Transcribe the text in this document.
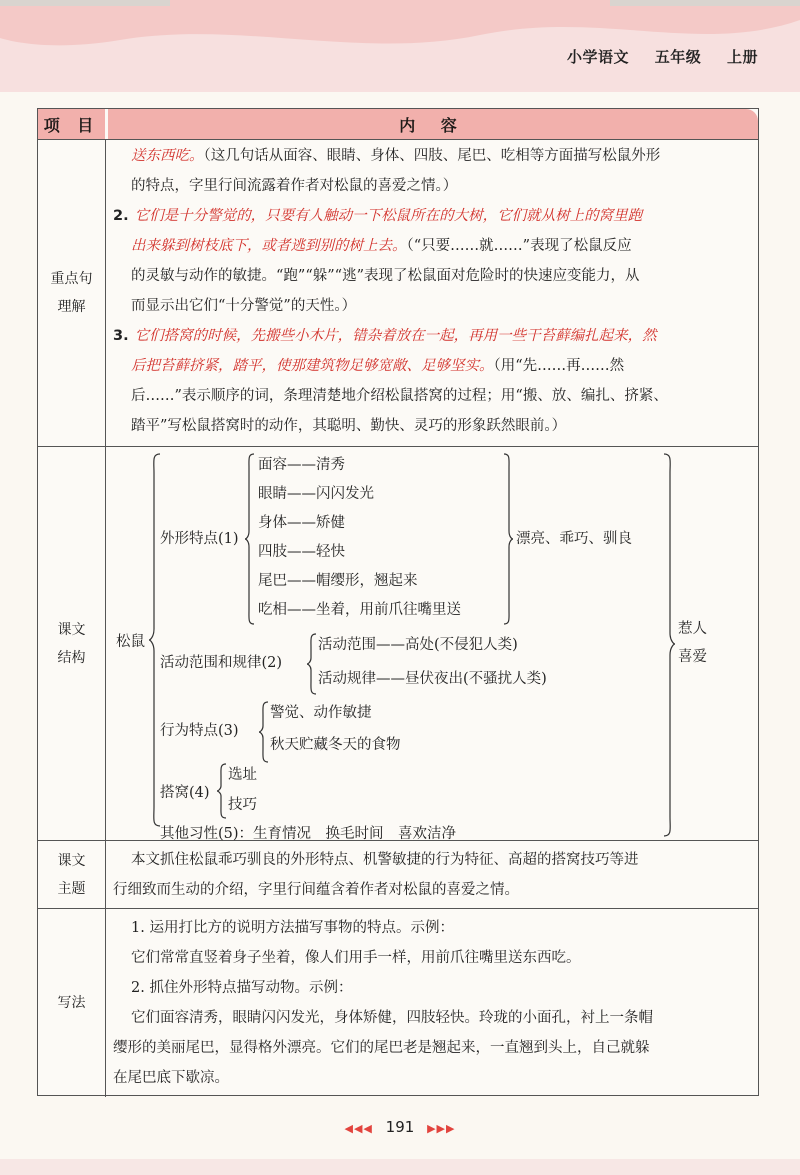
小学语文 五年级 上册
项 目	内 容
重点句
理解
送东西吃。（这几句话从面容、眼睛、身体、四肢、尾巴、吃相等方面描写松鼠外形
的特点，字里行间流露着作者对松鼠的喜爱之情。）
2. 它们是十分警觉的，只要有人触动一下松鼠所在的大树，它们就从树上的窝里跑
出来躲到树枝底下，或者逃到别的树上去。（“只要……就……”表现了松鼠反应
的灵敏与动作的敏捷。“跑”“躲”“逃”表现了松鼠面对危险时的快速应变能力，从
而显示出它们“十分警觉”的天性。）
3. 它们搭窝的时候，先搬些小木片，错杂着放在一起，再用一些干苔藓编扎起来，然
后把苔藓挤紧，踏平，使那建筑物足够宽敞、足够坚实。（用“先……再……然
后……”表示顺序的词，条理清楚地介绍松鼠搭窝的过程；用“搬、放、编扎、挤紧、
踏平”写松鼠搭窝时的动作，其聪明、勤快、灵巧的形象跃然眼前。）
课文
结构
松鼠
外形特点(1)
面容——清秀
眼睛——闪闪发光
身体——矫健
四肢——轻快
尾巴——帽缨形，翘起来
吃相——坐着，用前爪往嘴里送
漂亮、乖巧、驯良
活动范围和规律(2)
活动范围——高处(不侵犯人类)
活动规律——昼伏夜出(不骚扰人类)
行为特点(3)
警觉、动作敏捷
秋天贮藏冬天的食物
搭窝(4)
选址
技巧
其他习性(5)：生育情况　换毛时间　喜欢洁净
惹人
喜爱
课文
主题
本文抓住松鼠乖巧驯良的外形特点、机警敏捷的行为特征、高超的搭窝技巧等进
行细致而生动的介绍，字里行间蕴含着作者对松鼠的喜爱之情。
写法
1. 运用打比方的说明方法描写事物的特点。示例：
它们常常直竖着身子坐着，像人们用手一样，用前爪往嘴里送东西吃。
2. 抓住外形特点描写动物。示例：
它们面容清秀，眼睛闪闪发光，身体矫健，四肢轻快。玲珑的小面孔，衬上一条帽
缨形的美丽尾巴，显得格外漂亮。它们的尾巴老是翘起来，一直翘到头上，自己就躲
在尾巴底下歇凉。
◀◀◀ 191 ▶▶▶
